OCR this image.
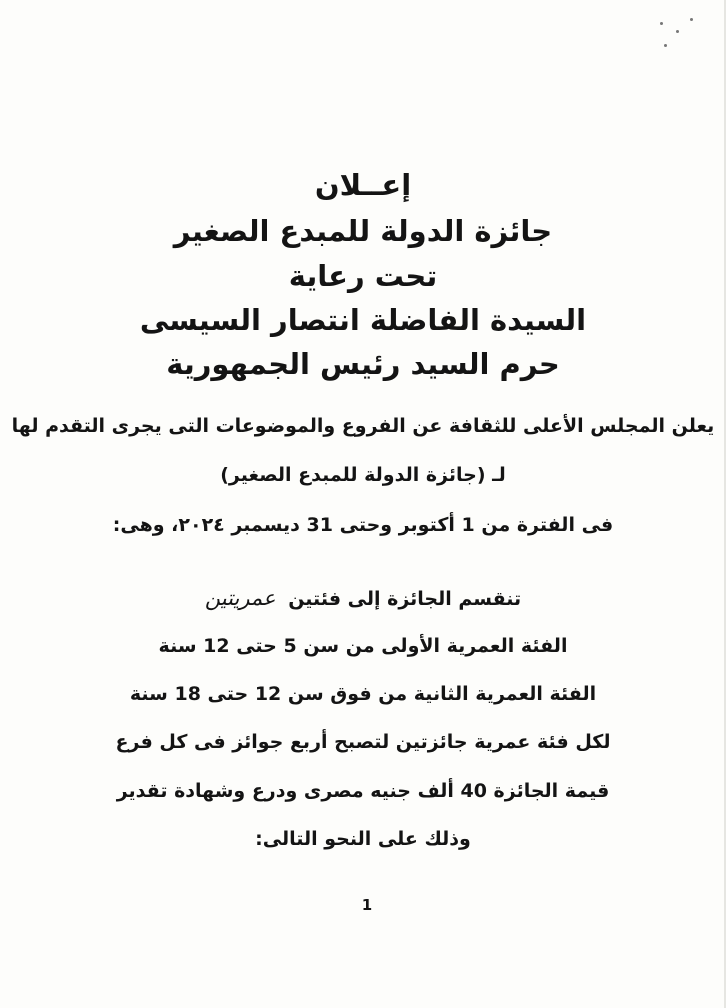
إعــلان
جائزة الدولة للمبدع الصغير
تحت رعاية
السيدة الفاضلة انتصار السيسى
حرم السيد رئيس الجمهورية
يعلن المجلس الأعلى للثقافة عن الفروع والموضوعات التى يجرى التقدم لها
لـ (جائزة الدولة للمبدع الصغير)
فى الفترة من 1 أكتوبر وحتى 31 ديسمبر ٢٠٢٤، وهى:
تنقسم الجائزة إلى فئتين عمريتين
الفئة العمرية الأولى من سن 5 حتى 12 سنة
الفئة العمرية الثانية من فوق سن 12 حتى 18 سنة
لكل فئة عمرية جائزتين لتصبح أربع جوائز فى كل فرع
قيمة الجائزة 40 ألف جنيه مصرى ودرع وشهادة تقدير
وذلك على النحو التالى:
1
